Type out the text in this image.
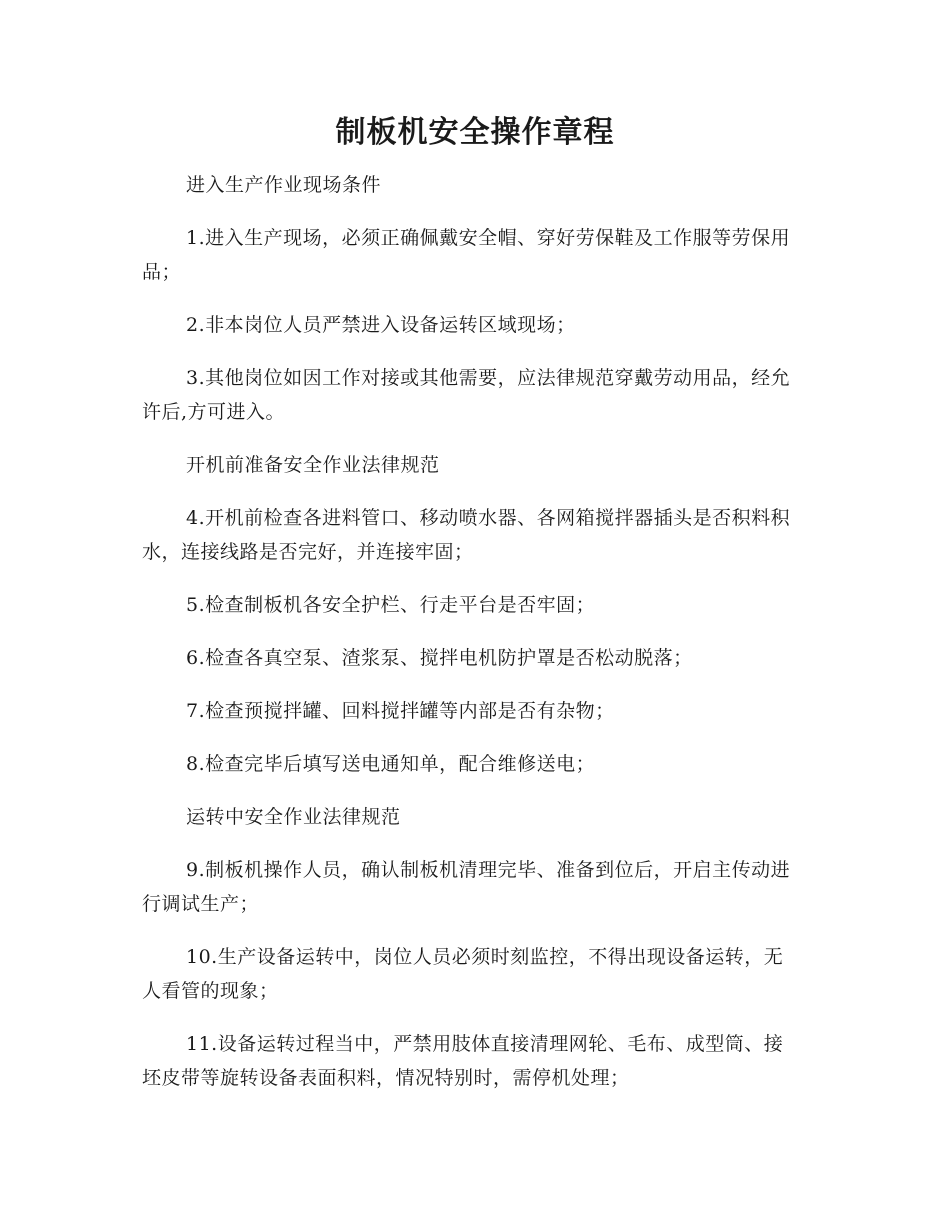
制板机安全操作章程

进入生产作业现场条件

1.进入生产现场，必须正确佩戴安全帽、穿好劳保鞋及工作服等劳保用品；

2.非本岗位人员严禁进入设备运转区域现场；

3.其他岗位如因工作对接或其他需要，应法律规范穿戴劳动用品，经允许后,方可进入。

开机前准备安全作业法律规范

4.开机前检查各进料管口、移动喷水器、各网箱搅拌器插头是否积料积水，连接线路是否完好，并连接牢固；

5.检查制板机各安全护栏、行走平台是否牢固；

6.检查各真空泵、渣浆泵、搅拌电机防护罩是否松动脱落；

7.检查预搅拌罐、回料搅拌罐等内部是否有杂物；

8.检查完毕后填写送电通知单，配合维修送电；

运转中安全作业法律规范

9.制板机操作人员，确认制板机清理完毕、准备到位后，开启主传动进行调试生产；

10.生产设备运转中，岗位人员必须时刻监控，不得出现设备运转，无人看管的现象；

11.设备运转过程当中，严禁用肢体直接清理网轮、毛布、成型筒、接坯皮带等旋转设备表面积料，情况特别时，需停机处理；
